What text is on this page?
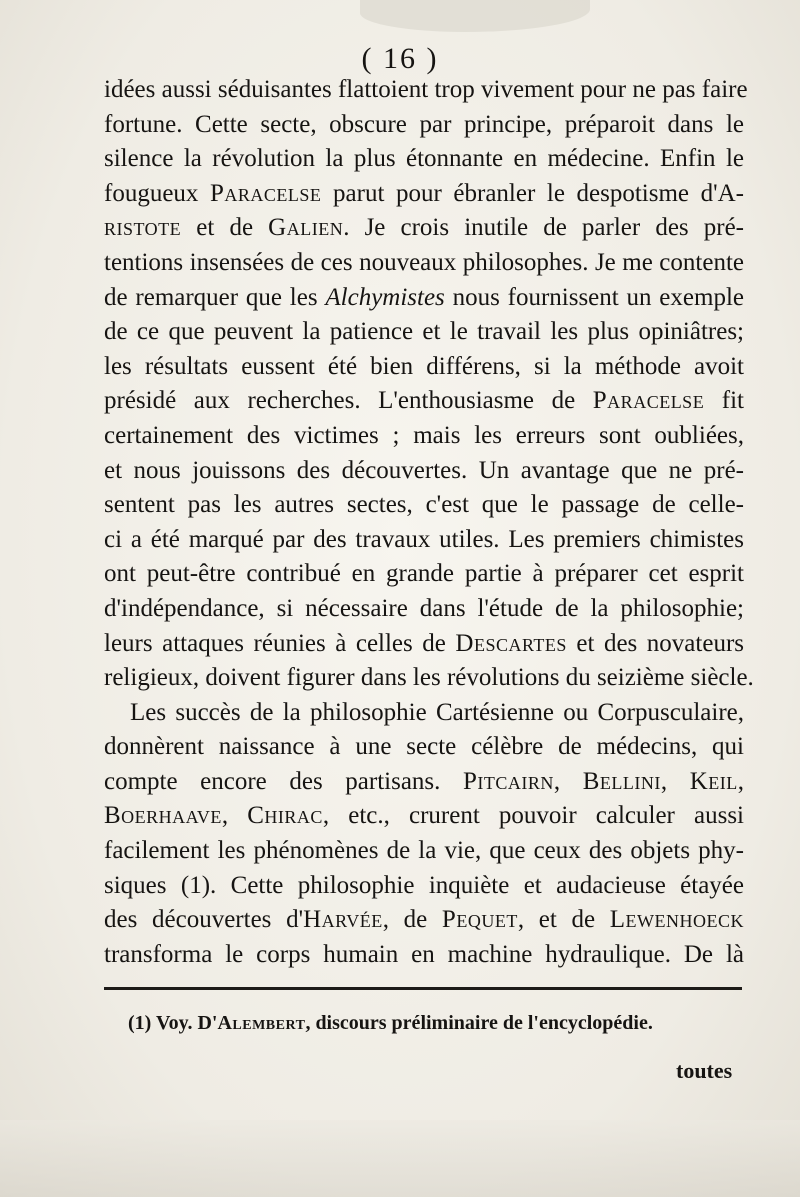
( 16 )
idées aussi séduisantes flattoient trop vivement pour ne pas faire
fortune. Cette secte, obscure par principe, préparoit dans le
silence la révolution la plus étonnante en médecine. Enfin le
fougueux Paracelse parut pour ébranler le despotisme d'A-
ristote et de Galien. Je crois inutile de parler des pré-
tentions insensées de ces nouveaux philosophes. Je me contente
de remarquer que les Alchymistes nous fournissent un exemple
de ce que peuvent la patience et le travail les plus opiniâtres;
les résultats eussent été bien différens, si la méthode avoit
présidé aux recherches. L'enthousiasme de Paracelse fit
certainement des victimes ; mais les erreurs sont oubliées,
et nous jouissons des découvertes. Un avantage que ne pré-
sentent pas les autres sectes, c'est que le passage de celle-
ci a été marqué par des travaux utiles. Les premiers chimistes
ont peut-être contribué en grande partie à préparer cet esprit
d'indépendance, si nécessaire dans l'étude de la philosophie;
leurs attaques réunies à celles de Descartes et des novateurs
religieux, doivent figurer dans les révolutions du seizième siècle.
Les succès de la philosophie Cartésienne ou Corpusculaire,
donnèrent naissance à une secte célèbre de médecins, qui
compte encore des partisans. Pitcairn, Bellini, Keil,
Boerhaave, Chirac, etc., crurent pouvoir calculer aussi
facilement les phénomènes de la vie, que ceux des objets phy-
siques (1). Cette philosophie inquiète et audacieuse étayée
des découvertes d'Harvée, de Pequet, et de Lewenhoeck
transforma le corps humain en machine hydraulique. De là
(1) Voy. D'Alembert, discours préliminaire de l'encyclopédie.
toutes
